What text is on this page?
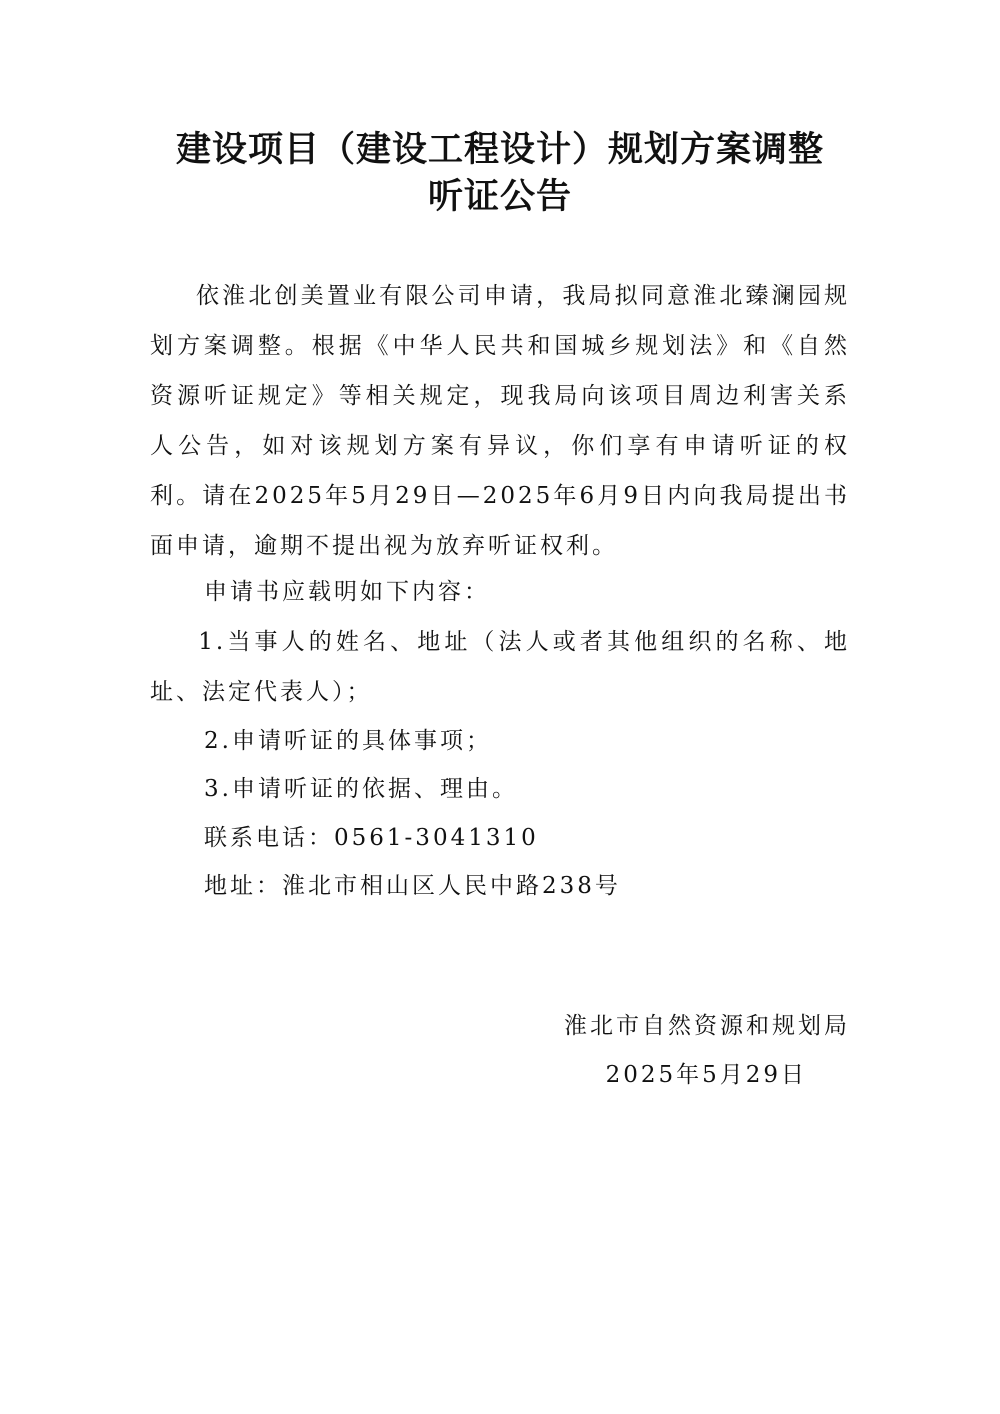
建设项目（建设工程设计）规划方案调整
听证公告

依淮北创美置业有限公司申请，我局拟同意淮北臻澜园规划方案调整。根据《中华人民共和国城乡规划法》和《自然资源听证规定》等相关规定，现我局向该项目周边利害关系人公告，如对该规划方案有异议，你们享有申请听证的权利。请在2025年5月29日—2025年6月9日内向我局提出书面申请，逾期不提出视为放弃听证权利。

申请书应载明如下内容：

1.当事人的姓名、地址（法人或者其他组织的名称、地址、法定代表人）；

2.申请听证的具体事项；

3.申请听证的依据、理由。

联系电话：0561-3041310

地址：淮北市相山区人民中路238号

淮北市自然资源和规划局

2025年5月29日
